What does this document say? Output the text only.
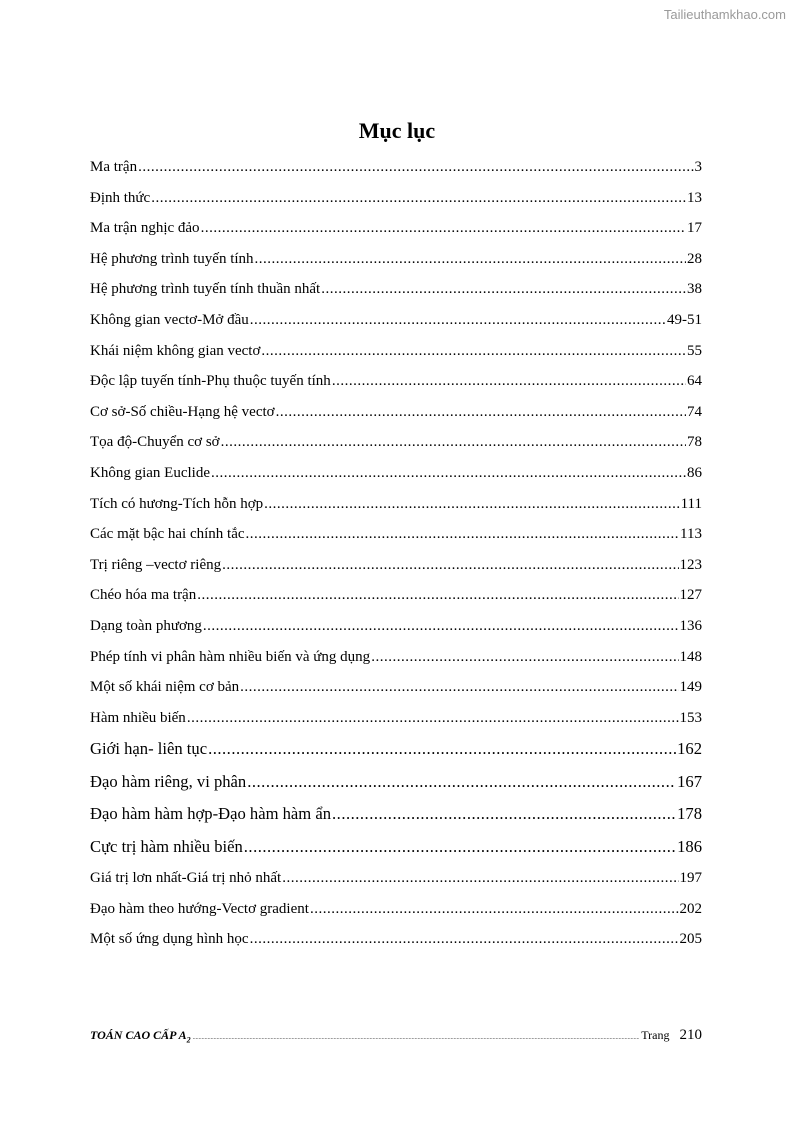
Tailieuthamkhao.com
Mục lục
Ma trận .....	3
Định thức .....	13
Ma trận nghịc đảo .....	17
Hệ phương trình tuyến tính .....	28
Hệ phương trình tuyến tính thuần nhất .....	38
Không gian vectơ-Mở đầu .....	49-51
Khái niệm không gian vectơ .....	55
Độc lập tuyến tính-Phụ thuộc tuyến tính .....	64
Cơ sở-Số chiều-Hạng hệ vectơ .....	74
Tọa độ-Chuyển cơ sở .....	78
Không gian Euclide .....	86
Tích có hương-Tích hỗn hợp .....	111
Các mặt bậc hai chính tắc .....	113
Trị riêng –vectơ riêng .....	123
Chéo hóa ma trận .....	127
Dạng toàn phương .....	136
Phép tính vi phân hàm nhiều biến và ứng dụng .....	148
Một số khái niệm cơ bản .....	149
Hàm nhiều biến .....	153
Giới hạn- liên tục .....	162
Đạo hàm riêng, vi phân .....	167
Đạo hàm hàm hợp-Đạo hàm hàm ẩn .....	178
Cực trị hàm nhiều biến .....	186
Giá trị lơn nhất-Giá trị nhỏ nhất .....	197
Đạo hàm theo hướng-Vectơ gradient .....	202
Một số ứng dụng hình học .....	205
TOÁN CAO CẤP $A_2$ .....	Trang 210
